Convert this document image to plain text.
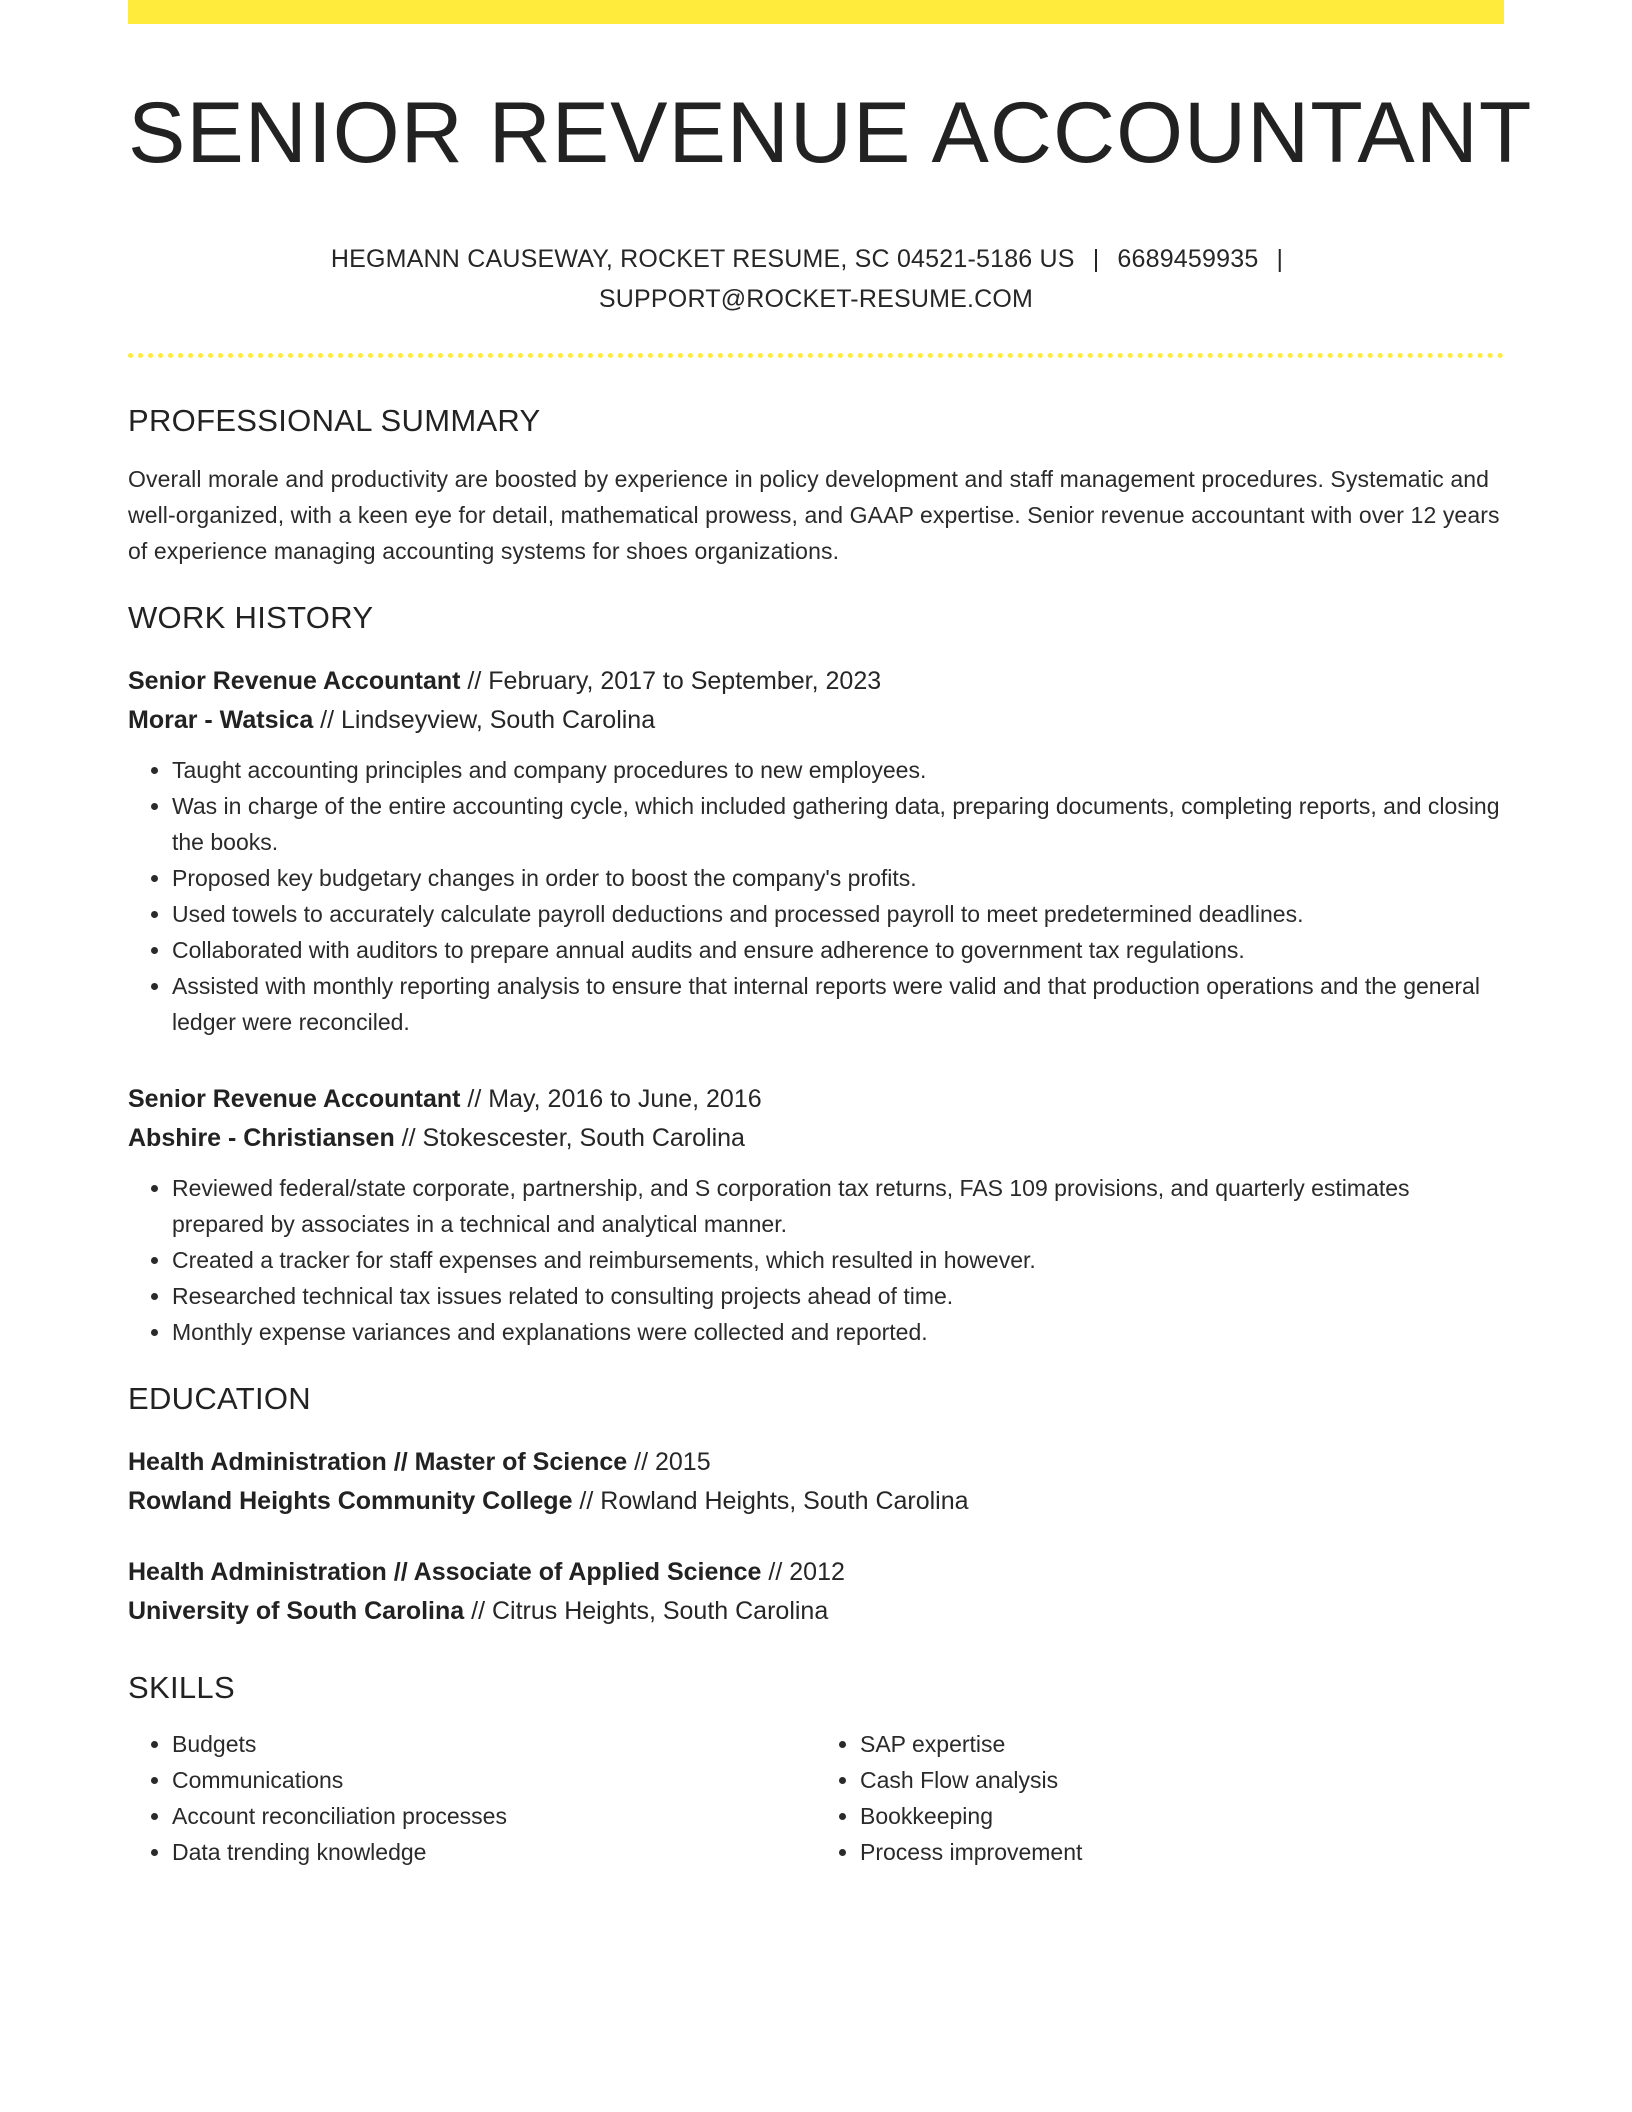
SENIOR REVENUE ACCOUNTANT
HEGMANN CAUSEWAY, ROCKET RESUME, SC 04521-5186 US | 6689459935 |
SUPPORT@ROCKET-RESUME.COM
PROFESSIONAL SUMMARY

Overall morale and productivity are boosted by experience in policy development and staff management procedures. Systematic and well-organized, with a keen eye for detail, mathematical prowess, and GAAP expertise. Senior revenue accountant with over 12 years of experience managing accounting systems for shoes organizations.

WORK HISTORY
Senior Revenue Accountant // February, 2017 to September, 2023
Morar - Watsica // Lindseyview, South Carolina
• Taught accounting principles and company procedures to new employees.
• Was in charge of the entire accounting cycle, which included gathering data, preparing documents, completing reports, and closing the books.
• Proposed key budgetary changes in order to boost the company's profits.
• Used towels to accurately calculate payroll deductions and processed payroll to meet predetermined deadlines.
• Collaborated with auditors to prepare annual audits and ensure adherence to government tax regulations.
• Assisted with monthly reporting analysis to ensure that internal reports were valid and that production operations and the general ledger were reconciled.
Senior Revenue Accountant // May, 2016 to June, 2016
Abshire - Christiansen // Stokescester, South Carolina
• Reviewed federal/state corporate, partnership, and S corporation tax returns, FAS 109 provisions, and quarterly estimates prepared by associates in a technical and analytical manner.
• Created a tracker for staff expenses and reimbursements, which resulted in however.
• Researched technical tax issues related to consulting projects ahead of time.
• Monthly expense variances and explanations were collected and reported.
EDUCATION
Health Administration // Master of Science // 2015
Rowland Heights Community College // Rowland Heights, South Carolina
Health Administration // Associate of Applied Science // 2012
University of South Carolina // Citrus Heights, South Carolina
SKILLS
• Budgets
• Communications
• Account reconciliation processes
• Data trending knowledge
• SAP expertise
• Cash Flow analysis
• Bookkeeping
• Process improvement
